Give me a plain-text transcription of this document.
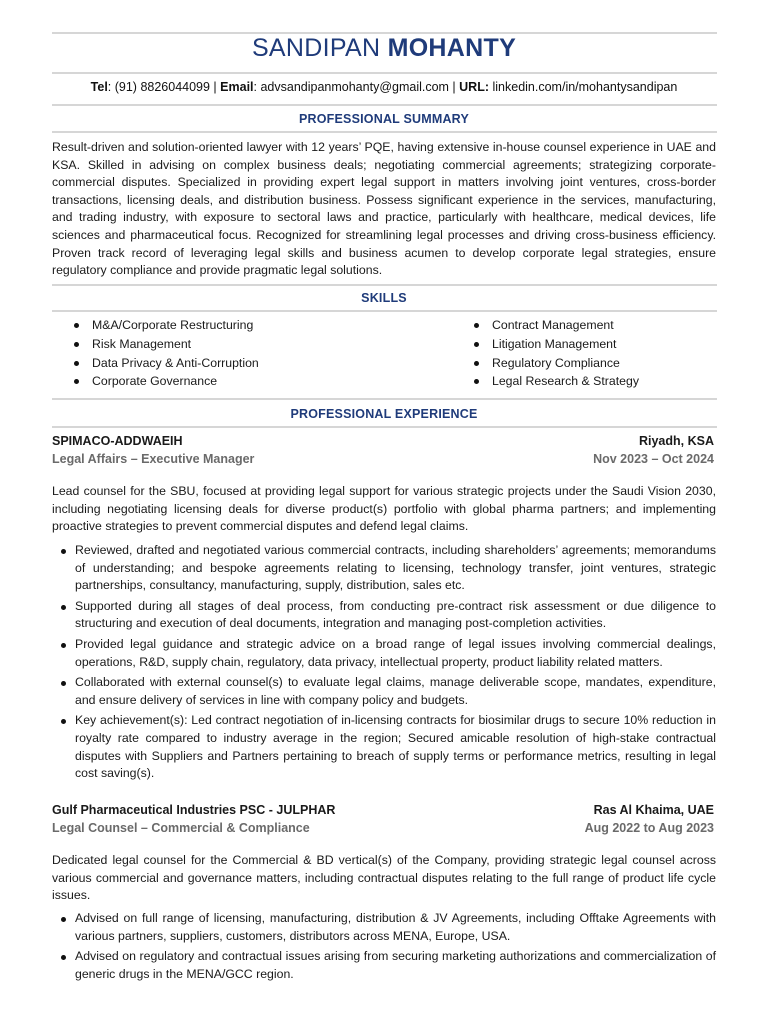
SANDIPAN MOHANTY
Tel: (91) 8826044099 | Email: advsandipanmohanty@gmail.com | URL: linkedin.com/in/mohantysandipan
PROFESSIONAL SUMMARY

Result-driven and solution-oriented lawyer with 12 years’ PQE, having extensive in-house counsel experience in UAE and KSA. Skilled in advising on complex business deals; negotiating commercial agreements; strategizing corporate-commercial disputes. Specialized in providing expert legal support in matters involving joint ventures, cross-border transactions, licensing deals, and distribution business. Possess significant experience in the services, manufacturing, and trading industry, with exposure to sectoral laws and practice, particularly with healthcare, medical devices, life sciences and pharmaceutical focus. Recognized for streamlining legal processes and driving cross-business efficiency. Proven track record of leveraging legal skills and business acumen to develop corporate legal strategies, ensure regulatory compliance and provide pragmatic legal solutions.

SKILLS
M&A/Corporate Restructuring
Risk Management
Data Privacy & Anti-Corruption
Corporate Governance
Contract Management
Litigation Management
Regulatory Compliance
Legal Research & Strategy
PROFESSIONAL EXPERIENCE
SPIMACO-ADDWAEIH	Riyadh, KSA
Legal Affairs – Executive Manager	Nov 2023 – Oct 2024

Lead counsel for the SBU, focused at providing legal support for various strategic projects under the Saudi Vision 2030, including negotiating licensing deals for diverse product(s) portfolio with global pharma partners; and implementing proactive strategies to prevent commercial disputes and defend legal claims.

Reviewed, drafted and negotiated various commercial contracts, including shareholders’ agreements; memorandums of understanding; and bespoke agreements relating to licensing, technology transfer, joint ventures, strategic partnerships, consultancy, manufacturing, supply, distribution, sales etc.
Supported during all stages of deal process, from conducting pre-contract risk assessment or due diligence to structuring and execution of deal documents, integration and managing post-completion activities.
Provided legal guidance and strategic advice on a broad range of legal issues involving commercial dealings, operations, R&D, supply chain, regulatory, data privacy, intellectual property, product liability related matters.
Collaborated with external counsel(s) to evaluate legal claims, manage deliverable scope, mandates, expenditure, and ensure delivery of services in line with company policy and budgets.
Key achievement(s): Led contract negotiation of in-licensing contracts for biosimilar drugs to secure 10% reduction in royalty rate compared to industry average in the region; Secured amicable resolution of high-stake contractual disputes with Suppliers and Partners pertaining to breach of supply terms or performance metrics, resulting in legal cost saving(s).
Gulf Pharmaceutical Industries PSC - JULPHAR	Ras Al Khaima, UAE
Legal Counsel – Commercial & Compliance	Aug 2022 to Aug 2023

Dedicated legal counsel for the Commercial & BD vertical(s) of the Company, providing strategic legal counsel across various commercial and governance matters, including contractual disputes relating to the full range of product life cycle issues.

Advised on full range of licensing, manufacturing, distribution & JV Agreements, including Offtake Agreements with various partners, suppliers, customers, distributors across MENA, Europe, USA.
Advised on regulatory and contractual issues arising from securing marketing authorizations and commercialization of generic drugs in the MENA/GCC region.
